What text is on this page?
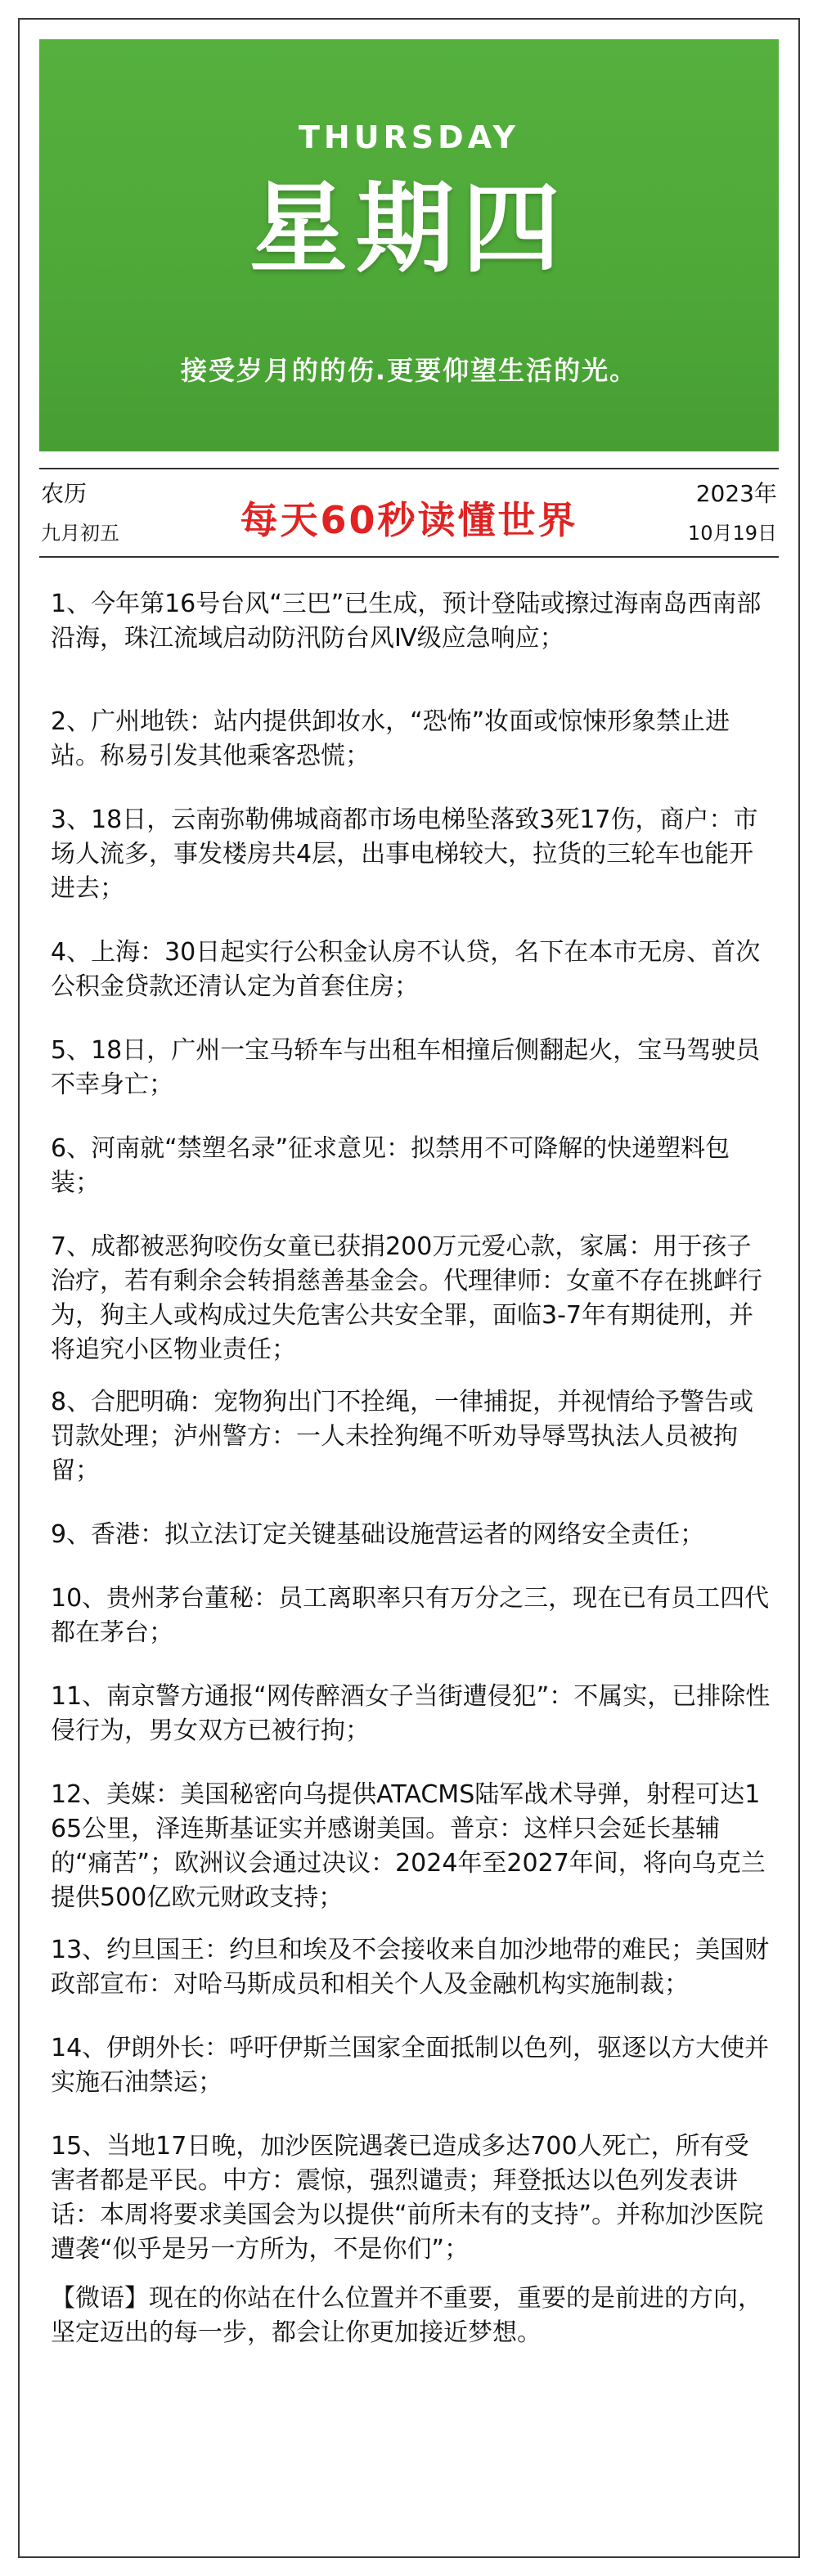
THURSDAY
星期四
接受岁月的的伤.更要仰望生活的光。
农历
九月初五	每天60秒读懂世界
2023年
10月19日

1、今年第16号台风“三巴”已生成，预计登陆或擦过海南岛西南部沿海，珠江流域启动防汛防台风Ⅳ级应急响应；

2、广州地铁：站内提供卸妆水，“恐怖”妆面或惊悚形象禁止进站。称易引发其他乘客恐慌；

3、18日，云南弥勒佛城商都市场电梯坠落致3死17伤，商户：市场人流多，事发楼房共4层，出事电梯较大，拉货的三轮车也能开进去；

4、上海：30日起实行公积金认房不认贷，名下在本市无房、首次公积金贷款还清认定为首套住房；

5、18日，广州一宝马轿车与出租车相撞后侧翻起火，宝马驾驶员不幸身亡；

6、河南就“禁塑名录”征求意见：拟禁用不可降解的快递塑料包装；

7、成都被恶狗咬伤女童已获捐200万元爱心款，家属：用于孩子治疗，若有剩余会转捐慈善基金会。代理律师：女童不存在挑衅行为，狗主人或构成过失危害公共安全罪，面临3-7年有期徒刑，并将追究小区物业责任；

8、合肥明确：宠物狗出门不拴绳，一律捕捉，并视情给予警告或罚款处理；泸州警方：一人未拴狗绳不听劝导辱骂执法人员被拘留；

9、香港：拟立法订定关键基础设施营运者的网络安全责任；

10、贵州茅台董秘：员工离职率只有万分之三，现在已有员工四代都在茅台；

11、南京警方通报“网传醉酒女子当街遭侵犯”：不属实，已排除性侵行为，男女双方已被行拘；

12、美媒：美国秘密向乌提供ATACMS陆军战术导弹，射程可达165公里，泽连斯基证实并感谢美国。普京：这样只会延长基辅的“痛苦”；欧洲议会通过决议：2024年至2027年间，将向乌克兰提供500亿欧元财政支持；

13、约旦国王：约旦和埃及不会接收来自加沙地带的难民；美国财政部宣布：对哈马斯成员和相关个人及金融机构实施制裁；

14、伊朗外长：呼吁伊斯兰国家全面抵制以色列，驱逐以方大使并实施石油禁运；

15、当地17日晚，加沙医院遇袭已造成多达700人死亡，所有受害者都是平民。中方：震惊，强烈谴责；拜登抵达以色列发表讲话：本周将要求美国会为以提供“前所未有的支持”。并称加沙医院遭袭“似乎是另一方所为，不是你们”；

【微语】现在的你站在什么位置并不重要，重要的是前进的方向，坚定迈出的每一步，都会让你更加接近梦想。
